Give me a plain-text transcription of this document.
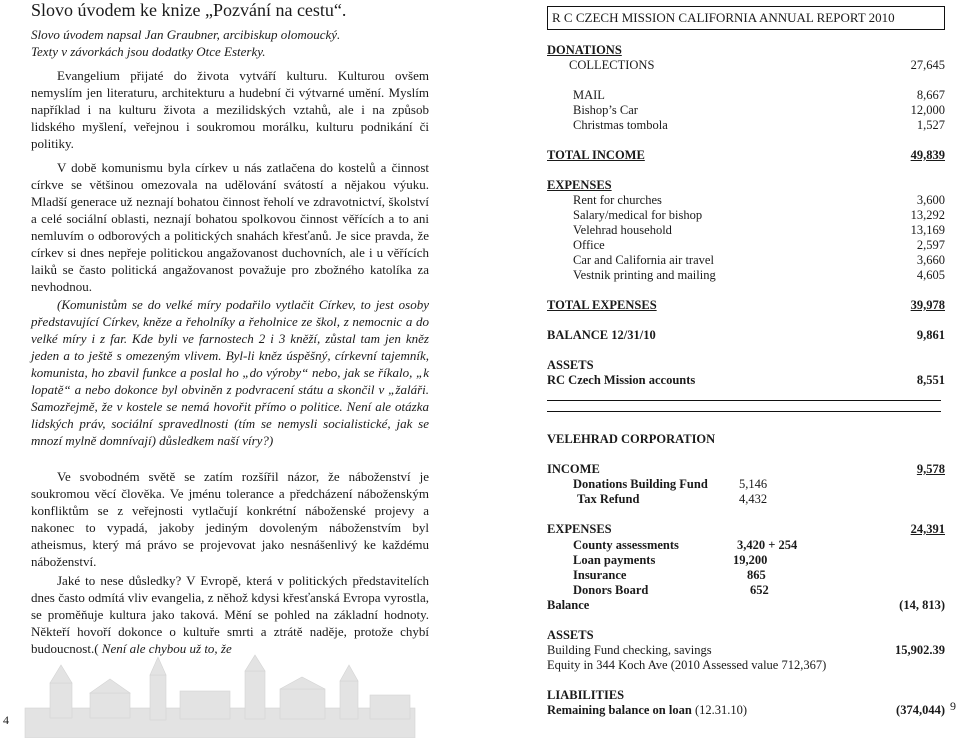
Slovo úvodem ke knize „Pozvání na cestu“.
Slovo úvodem napsal Jan Graubner, arcibiskup olomoucký.
Texty v závorkách jsou dodatky Otce Esterky.

Evangelium přijaté do života vytváří kulturu. Kulturou ovšem nemyslím jen literaturu, architekturu a hudební či výtvarné umění. Myslím například i na kulturu života a mezilidských vztahů, ale i na způsob lidského myšlení, veřejnou i soukromou morálku, kulturu podnikání či politiky.

V době komunismu byla církev u nás zatlačena do kostelů a činnost církve se většinou omezovala na udělování svátostí a nějakou výuku. Mladší generace už neznají bohatou činnost řeholí ve zdravotnictví, školství a celé sociální oblasti, neznají bohatou spolkovou činnost věřících a to ani nemluvím o odborových a politických snahách křesťanů. Je sice pravda, že církev si dnes nepřeje politickou angažovanost duchovních, ale i u věřících laiků se často politická angažovanost považuje pro zbožného katolíka za nevhodnou.

(Komunistům se do velké míry podařilo vytlačit Církev, to jest osoby představující Církev, kněze a řeholníky a řeholnice ze škol, z nemocnic a do velké míry i z far. Kde byli ve farnostech 2 i 3 kněží, zůstal tam jen kněz jeden a to ještě s omezeným vlivem. Byl-li kněz úspěšný, církevní tajemník, komunista, ho zbavil funkce a poslal ho „do výroby“ nebo, jak se říkalo, „k lopatě“ a nebo dokonce byl obviněn z podvracení státu a skončil v „žaláři. Samozřejmě, že v kostele se nemá hovořit přímo o politice. Není ale otázka lidských práv, sociální spravedlnosti (tím se nemysli socialistické, jak se mnozí mylně domnívají) důsledkem naší víry?)

Ve svobodném světě se zatím rozšířil názor, že náboženství je soukromou věcí člověka. Ve jménu tolerance a předcházení náboženským konfliktům se z veřejnosti vytlačují konkrétní náboženské projevy a nakonec to vypadá, jakoby jediným dovoleným náboženstvím byl atheismus, který má právo se projevovat jako nesnášenlivý ke každému náboženství.

Jaké to nese důsledky? V Evropě, která v politických představitelích dnes často odmítá vliv evangelia, z něhož kdysi křesťanská Evropa vyrostla, se proměňuje kultura jako taková. Mění se pohled na základní hodnoty. Někteří hovoří dokonce o kultuře smrti a ztrátě naděje, protože chybí budoucnost.( Není ale chybou už to, že

4
R C CZECH MISSION CALIFORNIA ANNUAL REPORT 2010
DONATIONS
COLLECTIONS	27,645
MAIL	8,667
Bishop’s Car	12,000
Christmas tombola	1,527
TOTAL INCOME	49,839
EXPENSES
Rent for churches	3,600
Salary/medical for bishop	13,292
Velehrad household	13,169
Office	2,597
Car and California air travel	3,660
Vestnik printing and mailing	4,605
TOTAL EXPENSES	39,978
BALANCE 12/31/10	9,861
ASSETS
RC Czech Mission accounts	8,551
VELEHRAD CORPORATION
INCOME	9,578
Donations Building Fund 5,146
Tax Refund	4,432
EXPENSES	24,391
County assessments	3,420 + 254
Loan payments	19,200
Insurance	865
Donors Board	652
Balance	(14, 813)
ASSETS
Building Fund checking, savings	15,902.39
Equity in 344 Koch Ave (2010 Assessed value 712,367)
LIABILITIES
Remaining balance on loan (12.31.10)	(374,044) 9
